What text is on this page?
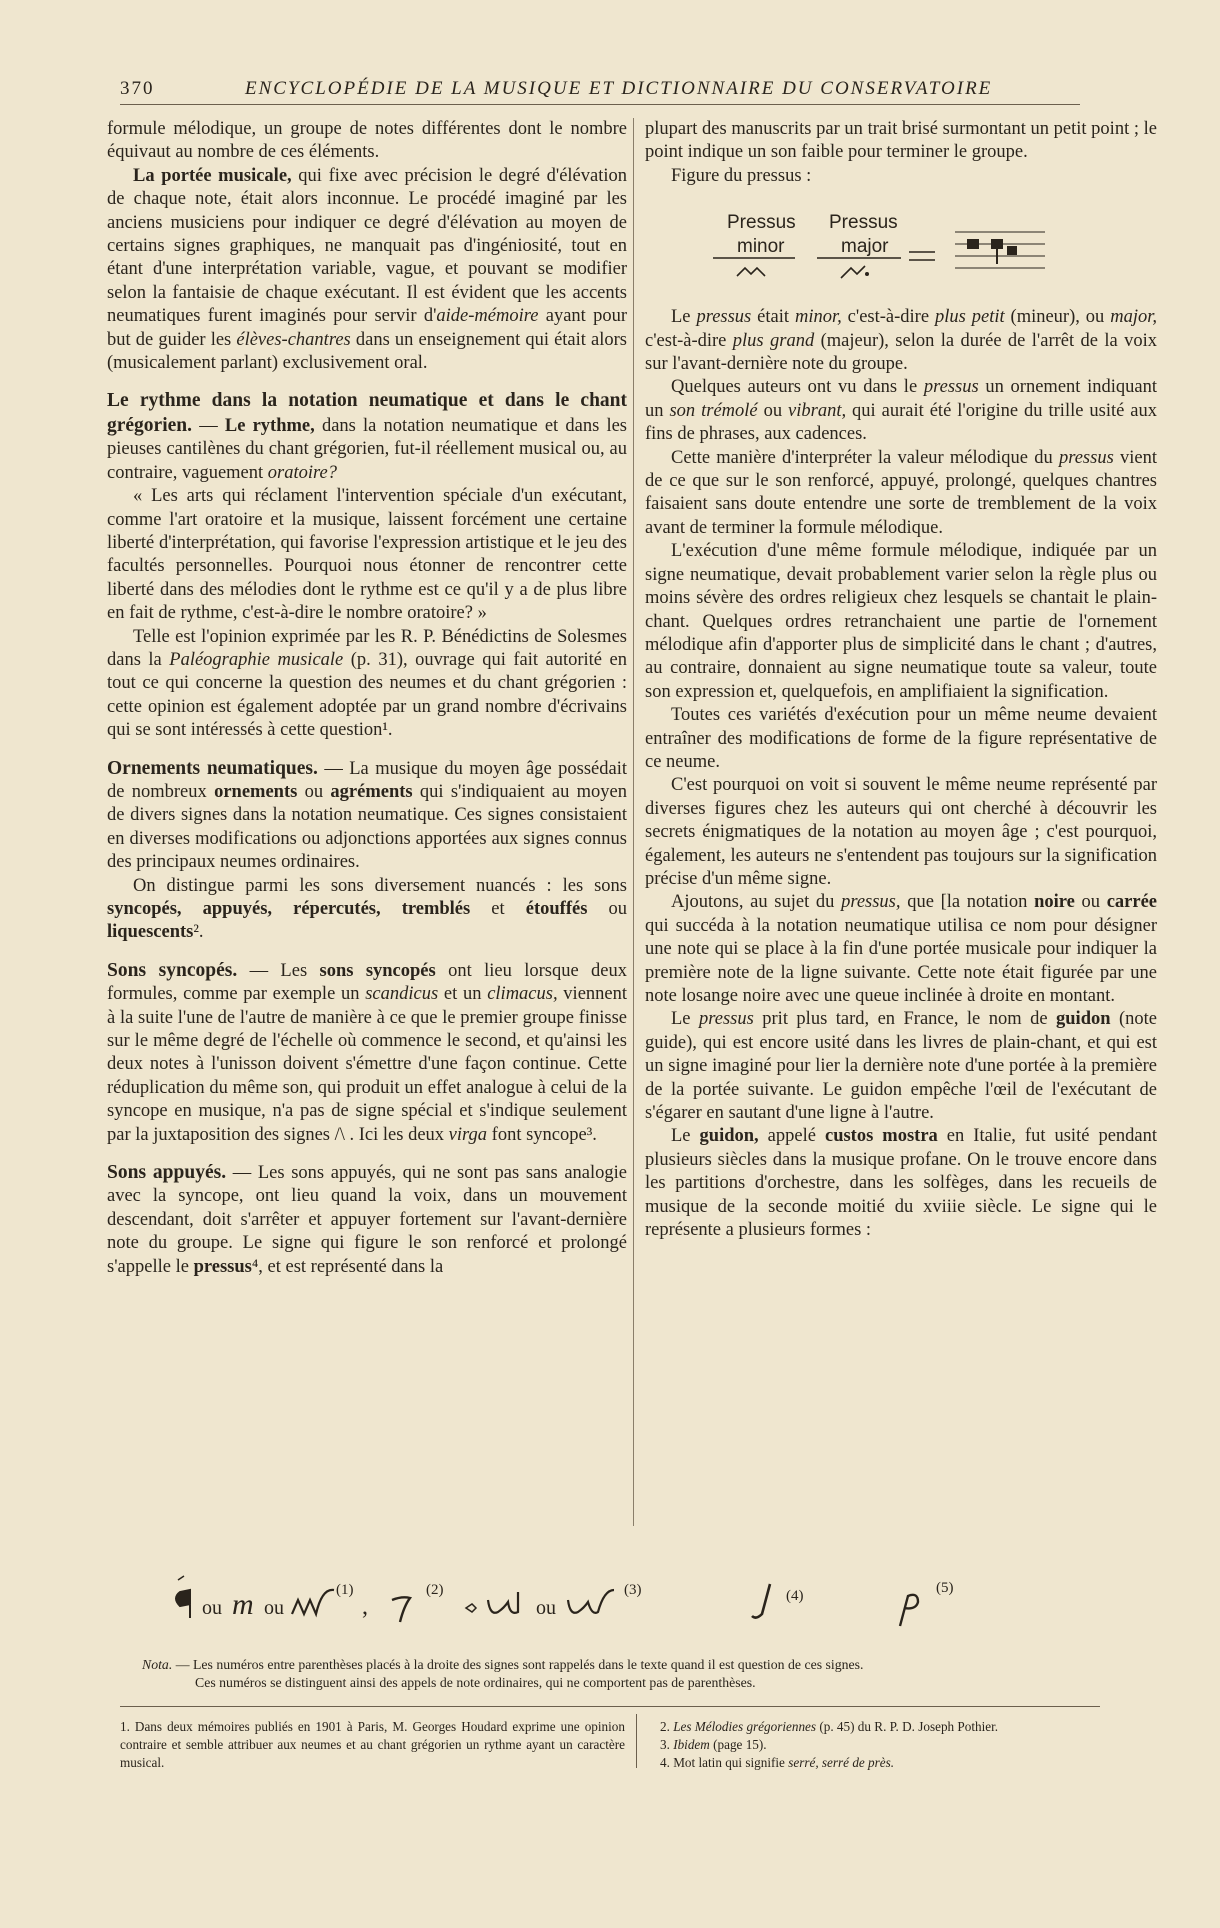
370	ENCYCLOPÉDIE DE LA MUSIQUE ET DICTIONNAIRE DU CONSERVATOIRE

formule mélodique, un groupe de notes différentes dont le nombre équivaut au nombre de ces éléments.

La portée musicale, qui fixe avec précision le degré d'élévation de chaque note, était alors inconnue. Le procédé imaginé par les anciens musiciens pour indiquer ce degré d'élévation au moyen de certains signes graphiques, ne manquait pas d'ingéniosité, tout en étant d'une interprétation variable, vague, et pouvant se modifier selon la fantaisie de chaque exécutant. Il est évident que les accents neumatiques furent imaginés pour servir d'aide-mémoire ayant pour but de guider les élèves-chantres dans un enseignement qui était alors (musicalement parlant) exclusivement oral.

Le rythme dans la notation neumatique et dans le chant grégorien. — Le rythme, dans la notation neumatique et dans les pieuses cantilènes du chant grégorien, fut-il réellement musical ou, au contraire, vaguement oratoire?

« Les arts qui réclament l'intervention spéciale d'un exécutant, comme l'art oratoire et la musique, laissent forcément une certaine liberté d'interprétation, qui favorise l'expression artistique et le jeu des facultés personnelles. Pourquoi nous étonner de rencontrer cette liberté dans des mélodies dont le rythme est ce qu'il y a de plus libre en fait de rythme, c'est-à-dire le nombre oratoire? »

Telle est l'opinion exprimée par les R. P. Bénédictins de Solesmes dans la Paléographie musicale (p. 31), ouvrage qui fait autorité en tout ce qui concerne la question des neumes et du chant grégorien : cette opinion est également adoptée par un grand nombre d'écrivains qui se sont intéressés à cette question¹.

Ornements neumatiques. — La musique du moyen âge possédait de nombreux ornements ou agréments qui s'indiquaient au moyen de divers signes dans la notation neumatique. Ces signes consistaient en diverses modifications ou adjonctions apportées aux signes connus des principaux neumes ordinaires.

On distingue parmi les sons diversement nuancés : les sons syncopés, appuyés, répercutés, tremblés et étouffés ou liquescents².

Sons syncopés. — Les sons syncopés ont lieu lorsque deux formules, comme par exemple un scandicus et un climacus, viennent à la suite l'une de l'autre de manière à ce que le premier groupe finisse sur le même degré de l'échelle où commence le second, et qu'ainsi les deux notes à l'unisson doivent s'émettre d'une façon continue. Cette réduplication du même son, qui produit un effet analogue à celui de la syncope en musique, n'a pas de signe spécial et s'indique seulement par la juxtaposition des signes /\ . Ici les deux virga font syncope³.

Sons appuyés. — Les sons appuyés, qui ne sont pas sans analogie avec la syncope, ont lieu quand la voix, dans un mouvement descendant, doit s'arrêter et appuyer fortement sur l'avant-dernière note du groupe. Le signe qui figure le son renforcé et prolongé s'appelle le pressus⁴, et est représenté dans la

plupart des manuscrits par un trait brisé surmontant un petit point ; le point indique un son faible pour terminer le groupe.

Figure du pressus :

Pressus
minor
Pressus
major

Le pressus était minor, c'est-à-dire plus petit (mineur), ou major, c'est-à-dire plus grand (majeur), selon la durée de l'arrêt de la voix sur l'avant-dernière note du groupe.

Quelques auteurs ont vu dans le pressus un ornement indiquant un son trémolé ou vibrant, qui aurait été l'origine du trille usité aux fins de phrases, aux cadences.

Cette manière d'interpréter la valeur mélodique du pressus vient de ce que sur le son renforcé, appuyé, prolongé, quelques chantres faisaient sans doute entendre une sorte de tremblement de la voix avant de terminer la formule mélodique.

L'exécution d'une même formule mélodique, indiquée par un signe neumatique, devait probablement varier selon la règle plus ou moins sévère des ordres religieux chez lesquels se chantait le plain-chant. Quelques ordres retranchaient une partie de l'ornement mélodique afin d'apporter plus de simplicité dans le chant ; d'autres, au contraire, donnaient au signe neumatique toute sa valeur, toute son expression et, quelquefois, en amplifiaient la signification.

Toutes ces variétés d'exécution pour un même neume devaient entraîner des modifications de forme de la figure représentative de ce neume.

C'est pourquoi on voit si souvent le même neume représenté par diverses figures chez les auteurs qui ont cherché à découvrir les secrets énigmatiques de la notation au moyen âge ; c'est pourquoi, également, les auteurs ne s'entendent pas toujours sur la signification précise d'un même signe.

Ajoutons, au sujet du pressus, que [la notation noire ou carrée qui succéda à la notation neumatique utilisa ce nom pour désigner une note qui se place à la fin d'une portée musicale pour indiquer la première note de la ligne suivante. Cette note était figurée par une note losange noire avec une queue inclinée à droite en montant.

Le pressus prit plus tard, en France, le nom de guidon (note guide), qui est encore usité dans les livres de plain-chant, et qui est un signe imaginé pour lier la dernière note d'une portée à la première de la portée suivante. Le guidon empêche l'œil de l'exécutant de s'égarer en sautant d'une ligne à l'autre.

Le guidon, appelé custos mostra en Italie, fut usité pendant plusieurs siècles dans la musique profane. On le trouve encore dans les partitions d'orchestre, dans les solfèges, dans les recueils de musique de la seconde moitié du xviiie siècle. Le signe qui le représente a plusieurs formes :

ou m ou
(1)
,
(2)
ou
(3)	(4)	(5)

Nota. — Les numéros entre parenthèses placés à la droite des signes sont rappelés dans le texte quand il est question de ces signes.

Ces numéros se distinguent ainsi des appels de note ordinaires, qui ne comportent pas de parenthèses.

1. Dans deux mémoires publiés en 1901 à Paris, M. Georges Houdard exprime une opinion contraire et semble attribuer aux neumes et au chant grégorien un rythme ayant un caractère musical.

2. Les Mélodies grégoriennes (p. 45) du R. P. D. Joseph Pothier.

3. Ibidem (page 15).

4. Mot latin qui signifie serré, serré de près.
